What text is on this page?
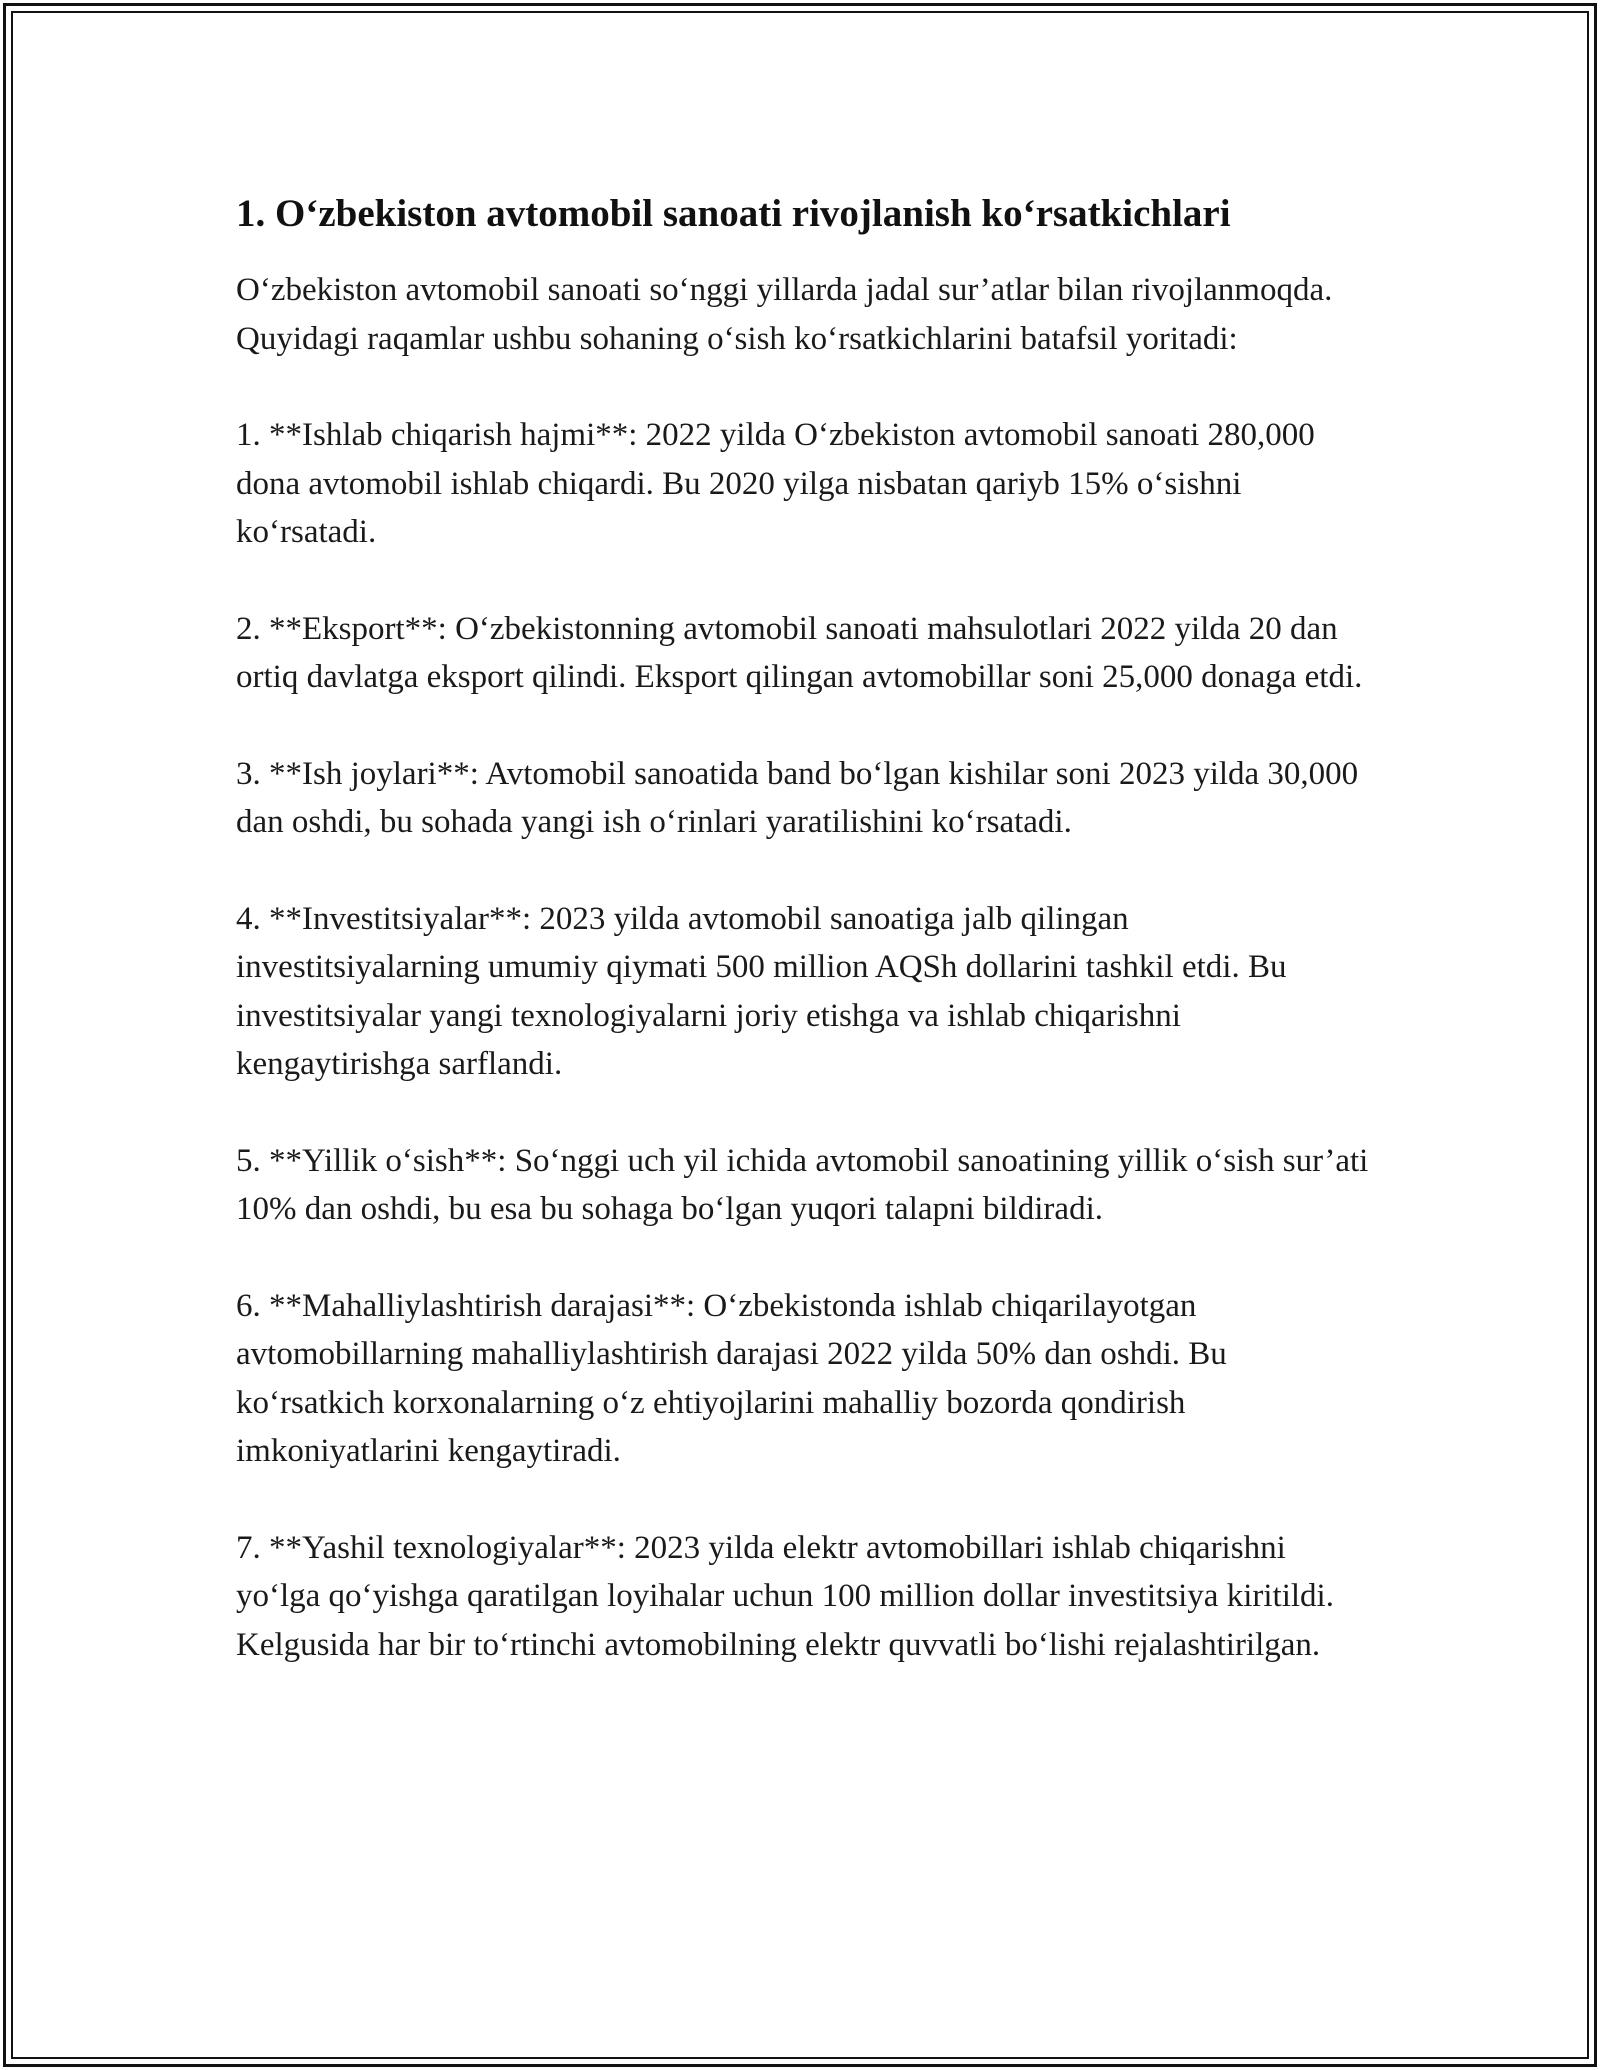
1. O‘zbekiston avtomobil sanoati rivojlanish ko‘rsatkichlari

O‘zbekiston avtomobil sanoati so‘nggi yillarda jadal sur’atlar bilan rivojlanmoqda. Quyidagi raqamlar ushbu sohaning o‘sish ko‘rsatkichlarini batafsil yoritadi:

1. **Ishlab chiqarish hajmi**: 2022 yilda O‘zbekiston avtomobil sanoati 280,000 dona avtomobil ishlab chiqardi. Bu 2020 yilga nisbatan qariyb 15% o‘sishni ko‘rsatadi.

2. **Eksport**: O‘zbekistonning avtomobil sanoati mahsulotlari 2022 yilda 20 dan ortiq davlatga eksport qilindi. Eksport qilingan avtomobillar soni 25,000 donaga etdi.

3. **Ish joylari**: Avtomobil sanoatida band bo‘lgan kishilar soni 2023 yilda 30,000 dan oshdi, bu sohada yangi ish o‘rinlari yaratilishini ko‘rsatadi.

4. **Investitsiyalar**: 2023 yilda avtomobil sanoatiga jalb qilingan investitsiyalarning umumiy qiymati 500 million AQSh dollarini tashkil etdi. Bu investitsiyalar yangi texnologiyalarni joriy etishga va ishlab chiqarishni kengaytirishga sarflandi.

5. **Yillik o‘sish**: So‘nggi uch yil ichida avtomobil sanoatining yillik o‘sish sur’ati 10% dan oshdi, bu esa bu sohaga bo‘lgan yuqori talapni bildiradi.

6. **Mahalliylashtirish darajasi**: O‘zbekistonda ishlab chiqarilayotgan avtomobillarning mahalliylashtirish darajasi 2022 yilda 50% dan oshdi. Bu ko‘rsatkich korxonalarning o‘z ehtiyojlarini mahalliy bozorda qondirish imkoniyatlarini kengaytiradi.

7. **Yashil texnologiyalar**: 2023 yilda elektr avtomobillari ishlab chiqarishni yo‘lga qo‘yishga qaratilgan loyihalar uchun 100 million dollar investitsiya kiritildi. Kelgusida har bir to‘rtinchi avtomobilning elektr quvvatli bo‘lishi rejalashtirilgan.
